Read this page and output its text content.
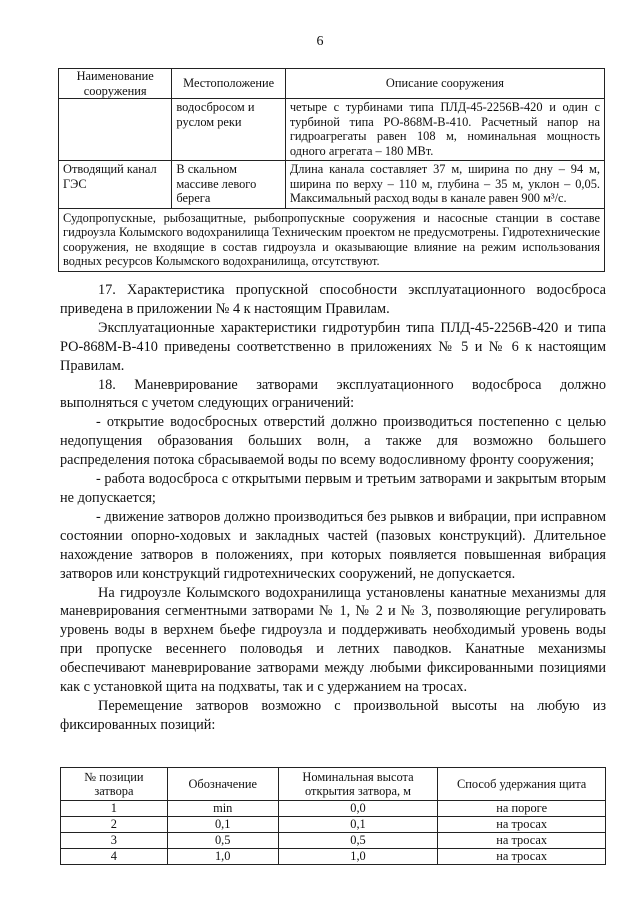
6
Наименование сооружения	Местоположение	Описание сооружения
	водосбросом и руслом реки	четыре с турбинами типа ПЛД-45-2256В-420 и один с турбиной типа РО-868М-В-410. Расчетный напор на гидроагрегаты равен 108 м, номинальная мощность одного агрегата – 180 МВт.
Отводящий канал ГЭС	В скальном массиве левого берега	Длина канала составляет 37 м, ширина по дну – 94 м, ширина по верху – 110 м, глубина – 35 м, уклон – 0,05. Максимальный расход воды в канале равен 900 м³/с.
Судопропускные, рыбозащитные, рыбопропускные сооружения и насосные станции в составе гидроузла Колымского водохранилища Техническим проектом не предусмотрены. Гидротехнические сооружения, не входящие в состав гидроузла и оказывающие влияние на режим использования водных ресурсов Колымского водохранилища, отсутствуют.		

17. Характеристика пропускной способности эксплуатационного водосброса приведена в приложении № 4 к настоящим Правилам.

Эксплуатационные характеристики гидротурбин типа ПЛД-45-2256В-420 и типа РО-868М-В-410 приведены соответственно в приложениях № 5 и № 6 к настоящим Правилам.

18. Маневрирование затворами эксплуатационного водосброса должно выполняться с учетом следующих ограничений:

- открытие водосбросных отверстий должно производиться постепенно с целью недопущения образования больших волн, а также для возможно большего распределения потока сбрасываемой воды по всему водосливному фронту сооружения;

- работа водосброса с открытыми первым и третьим затворами и закрытым вторым не допускается;

- движение затворов должно производиться без рывков и вибрации, при исправном состоянии опорно-ходовых и закладных частей (пазовых конструкций). Длительное нахождение затворов в положениях, при которых появляется повышенная вибрация затворов или конструкций гидротехнических сооружений, не допускается.

На гидроузле Колымского водохранилища установлены канатные механизмы для маневрирования сегментными затворами № 1, № 2 и № 3, позволяющие регулировать уровень воды в верхнем бьефе гидроузла и поддерживать необходимый уровень воды при пропуске весеннего половодья и летних паводков. Канатные механизмы обеспечивают маневрирование затворами между любыми фиксированными позициями как с установкой щита на подхваты, так и с удержанием на тросах.

Перемещение затворов возможно с произвольной высоты на любую из фиксированных позиций:

№ позиции затвора	Обозначение	Номинальная высота открытия затвора, м	Способ удержания щита
1	min	0,0	на пороге
2	0,1	0,1	на тросах
3	0,5	0,5	на тросах
4	1,0	1,0	на тросах
